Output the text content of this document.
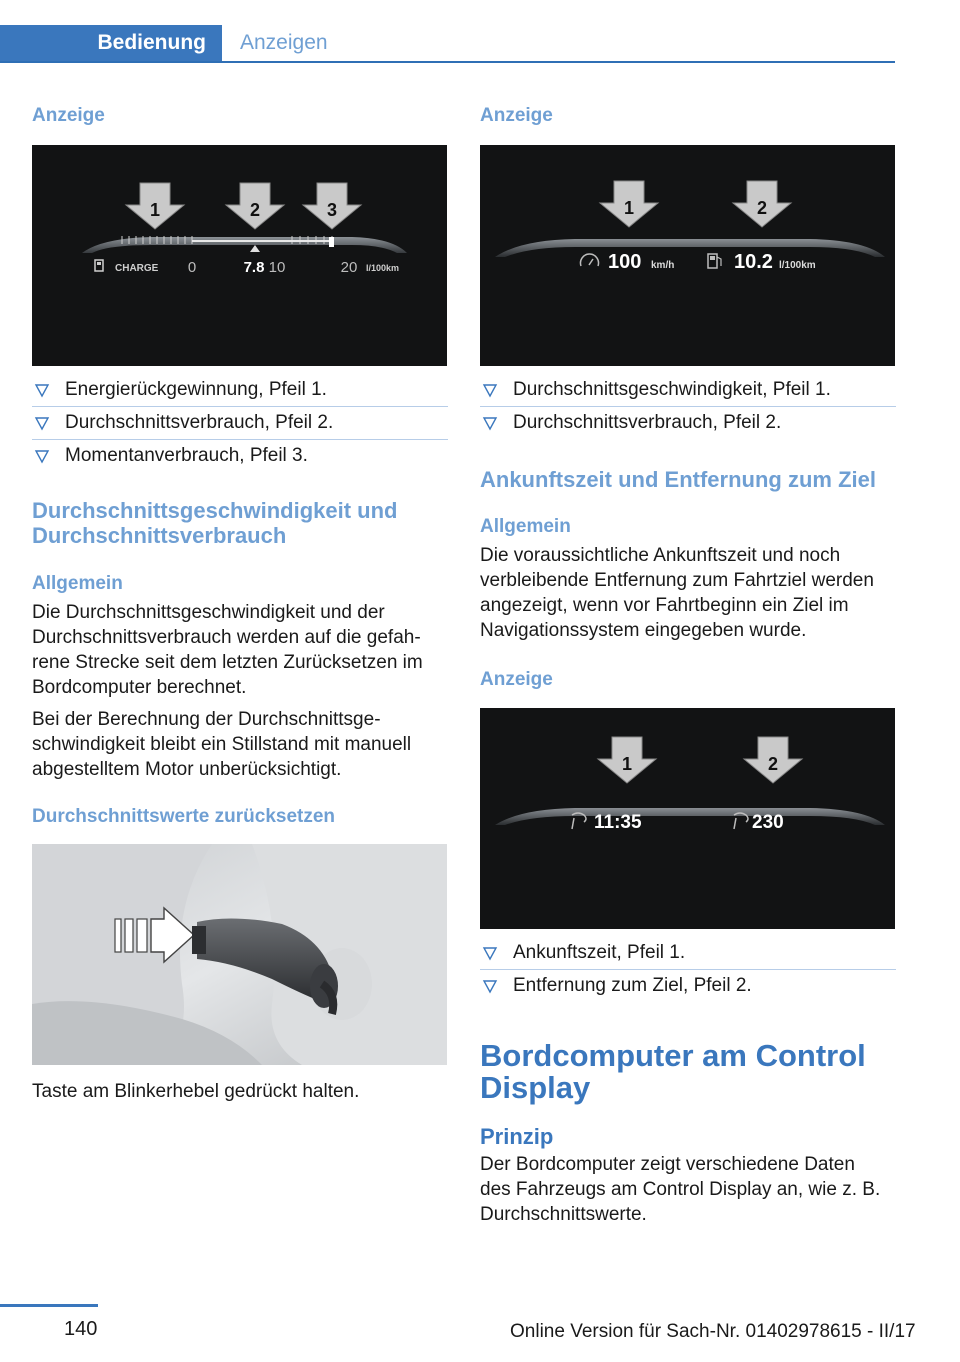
Bedienung	Anzeigen
Anzeige
1	2	3
CHARGE 0	7.8 10	20 l/100km
Energierückgewinnung, Pfeil 1.
Durchschnittsverbrauch, Pfeil 2.
Momentanverbrauch, Pfeil 3.
Durchschnittsgeschwindigkeit und
Durchschnittsverbrauch
Allgemein
Die Durchschnittsgeschwindigkeit und der
Durchschnittsverbrauch werden auf die gefah-
rene Strecke seit dem letzten Zurücksetzen im
Bordcomputer berechnet.
Bei der Berechnung der Durchschnittsge-
schwindigkeit bleibt ein Stillstand mit manuell
abgestelltem Motor unberücksichtigt.
Durchschnittswerte zurücksetzen
Taste am Blinkerhebel gedrückt halten.
Anzeige
1	2
100 km/h	10.2 l/100km
Durchschnittsgeschwindigkeit, Pfeil 1.
Durchschnittsverbrauch, Pfeil 2.
Ankunftszeit und Entfernung zum Ziel
Allgemein
Die voraussichtliche Ankunftszeit und noch
verbleibende Entfernung zum Fahrtziel werden
angezeigt, wenn vor Fahrtbeginn ein Ziel im
Navigationssystem eingegeben wurde.
Anzeige
1	2
11:35	230
Ankunftszeit, Pfeil 1.
Entfernung zum Ziel, Pfeil 2.
Bordcomputer am Control
Display
Prinzip
Der Bordcomputer zeigt verschiedene Daten
des Fahrzeugs am Control Display an, wie z. B.
Durchschnittswerte.
140	Online Version für Sach-Nr. 01402978615 - II/17
